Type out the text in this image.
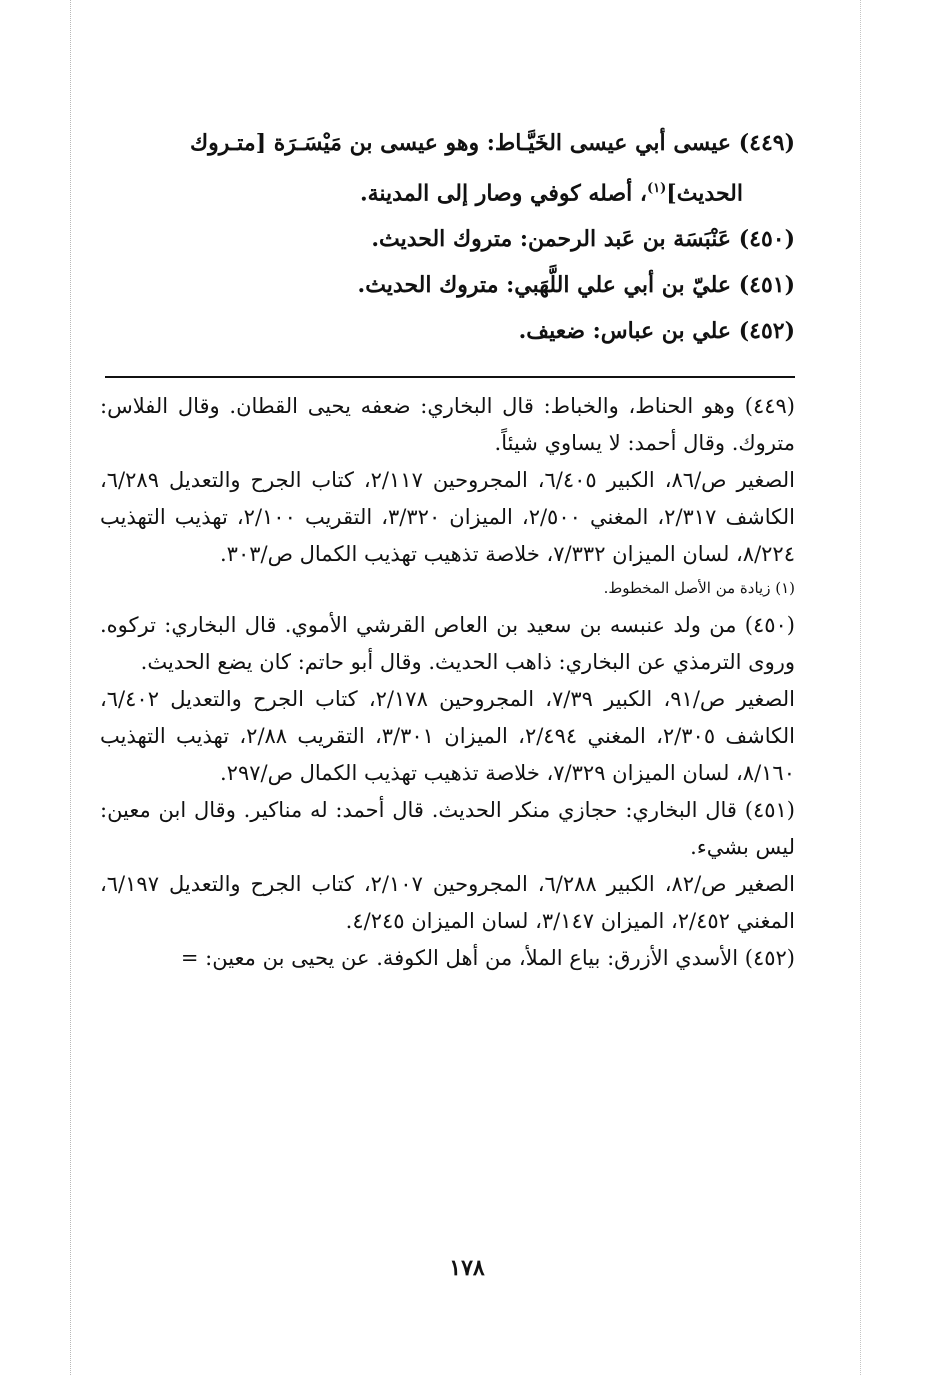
(٤٤٩) عيسى أبي عيسى الخَيَّـاط: وهو عيسى بن مَيْسَـرَة [متـروك

الحديث]$^{(١)}$، أصله كوفي وصار إلى المدينة.

(٤٥٠) عَنْبَسَة بن عَبد الرحمن: متروك الحديث.

(٤٥١) عليّ بن أبي علي اللَّهَبي: متروك الحديث.

(٤٥٢) علي بن عباس: ضعيف.

(٤٤٩) وهو الحناط، والخباط: قال البخاري: ضعفه يحيى القطان. وقال الفلاس: متروك. وقال أحمد: لا يساوي شيئاً.

الصغير ص/٨٦، الكبير ٦/٤٠٥، المجروحين ٢/١١٧، كتاب الجرح والتعديل ٦/٢٨٩، الكاشف ٢/٣١٧، المغني ٢/٥٠٠، الميزان ٣/٣٢٠، التقريب ٢/١٠٠، تهذيب التهذيب ٨/٢٢٤، لسان الميزان ٧/٣٣٢، خلاصة تذهيب تهذيب الكمال ص/٣٠٣.

(١) زيادة من الأصل المخطوط.

(٤٥٠) من ولد عنبسه بن سعيد بن العاص القرشي الأموي. قال البخاري: تركوه. وروى الترمذي عن البخاري: ذاهب الحديث. وقال أبو حاتم: كان يضع الحديث.

الصغير ص/٩١، الكبير ٧/٣٩، المجروحين ٢/١٧٨، كتاب الجرح والتعديل ٦/٤٠٢، الكاشف ٢/٣٠٥، المغني ٢/٤٩٤، الميزان ٣/٣٠١، التقريب ٢/٨٨، تهذيب التهذيب ٨/١٦٠، لسان الميزان ٧/٣٢٩، خلاصة تذهيب تهذيب الكمال ص/٢٩٧.

(٤٥١) قال البخاري: حجازي منكر الحديث. قال أحمد: له مناكير. وقال ابن معين: ليس بشيء.

الصغير ص/٨٢، الكبير ٦/٢٨٨، المجروحين ٢/١٠٧، كتاب الجرح والتعديل ٦/١٩٧، المغني ٢/٤٥٢، الميزان ٣/١٤٧، لسان الميزان ٤/٢٤٥.

(٤٥٢) الأسدي الأزرق: بياع الملأ، من أهل الكوفة. عن يحيى بن معين: =

١٧٨
